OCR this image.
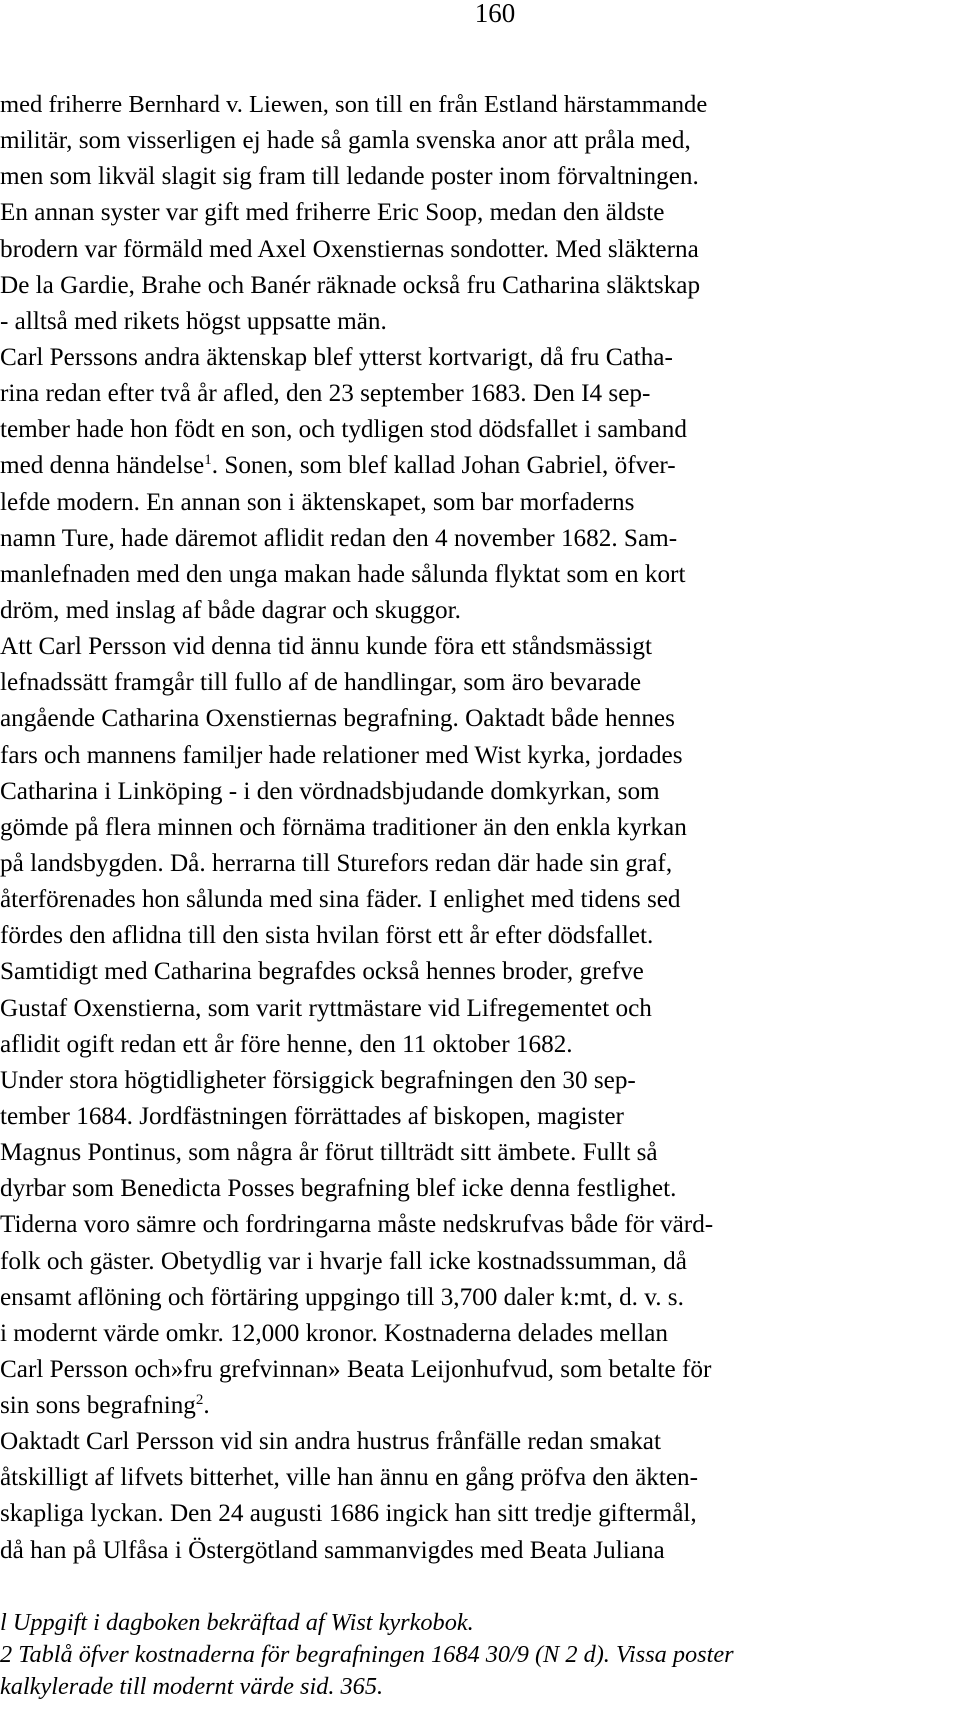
160
med friherre Bernhard v. Liewen, son till en från Estland härstammande
militär, som visserligen ej hade så gamla svenska anor att pråla med,
men som likväl slagit sig fram till ledande poster inom förvaltningen.
En annan syster var gift med friherre Eric Soop, medan den äldste
brodern var förmäld med Axel Oxenstiernas sondotter. Med släkterna
De la Gardie, Brahe och Banér räknade också fru Catharina släktskap
- alltså med rikets högst uppsatte män.
Carl Perssons andra äktenskap blef ytterst kortvarigt, då fru Catha-
rina redan efter två år afled, den 23 september 1683. Den I4 sep-
tember hade hon födt en son, och tydligen stod dödsfallet i samband
med denna händelse$^1$. Sonen, som blef kallad Johan Gabriel, öfver-
lefde modern. En annan son i äktenskapet, som bar morfaderns
namn Ture, hade däremot aflidit redan den 4 november 1682. Sam-
manlefnaden med den unga makan hade sålunda flyktat som en kort
dröm, med inslag af både dagrar och skuggor.
Att Carl Persson vid denna tid ännu kunde föra ett ståndsmässigt
lefnadssätt framgår till fullo af de handlingar, som äro bevarade
angående Catharina Oxenstiernas begrafning. Oaktadt både hennes
fars och mannens familjer hade relationer med Wist kyrka, jordades
Catharina i Linköping - i den vördnadsbjudande domkyrkan, som
gömde på flera minnen och förnäma traditioner än den enkla kyrkan
på landsbygden. Då. herrarna till Sturefors redan där hade sin graf,
återförenades hon sålunda med sina fäder. I enlighet med tidens sed
fördes den aflidna till den sista hvilan först ett år efter dödsfallet.
Samtidigt med Catharina begrafdes också hennes broder, grefve
Gustaf Oxenstierna, som varit ryttmästare vid Lifregementet och
aflidit ogift redan ett år före henne, den 11 oktober 1682.
Under stora högtidligheter försiggick begrafningen den 30 sep-
tember 1684. Jordfästningen förrättades af biskopen, magister
Magnus Pontinus, som några år förut tillträdt sitt ämbete. Fullt så
dyrbar som Benedicta Posses begrafning blef icke denna festlighet.
Tiderna voro sämre och fordringarna måste nedskrufvas både för värd-
folk och gäster. Obetydlig var i hvarje fall icke kostnadssumman, då
ensamt aflöning och förtäring uppgingo till 3,700 daler k:mt, d. v. s.
i modernt värde omkr. 12,000 kronor. Kostnaderna delades mellan
Carl Persson och»fru grefvinnan» Beata Leijonhufvud, som betalte för
sin sons begrafning$^2$.
Oaktadt Carl Persson vid sin andra hustrus frånfälle redan smakat
åtskilligt af lifvets bitterhet, ville han ännu en gång pröfva den äkten-
skapliga lyckan. Den 24 augusti 1686 ingick han sitt tredje giftermål,
då han på Ulfåsa i Östergötland sammanvigdes med Beata Juliana
l Uppgift i dagboken bekräftad af Wist kyrkobok.
2 Tablå öfver kostnaderna för begrafningen 1684 30/9 (N 2 d). Vissa poster
kalkylerade till modernt värde sid. 365.
